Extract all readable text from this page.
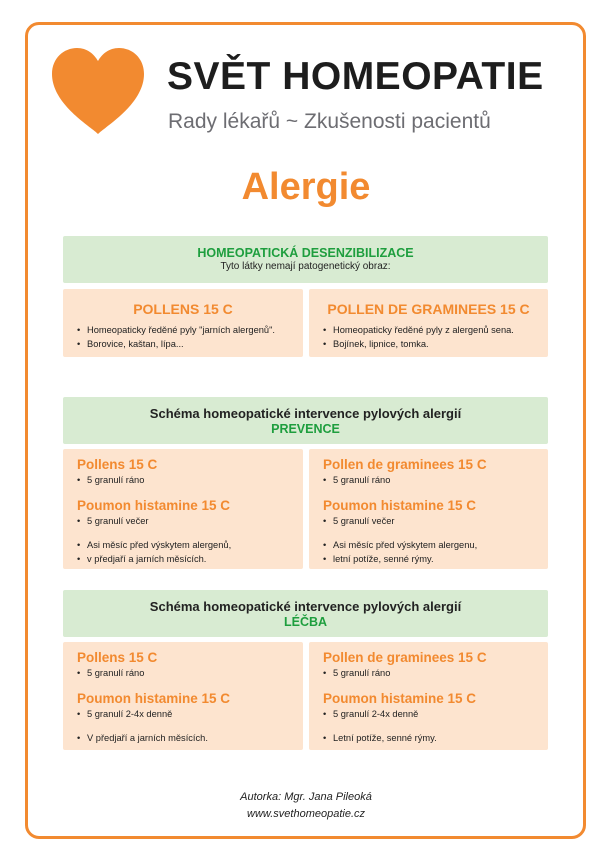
SVĚT HOMEOPATIE
Rady lékařů ~ Zkušenosti pacientů
Alergie
HOMEOPATICKÁ DESENZIBILIZACE
Tyto látky nemají patogenetický obraz:
POLLENS 15 C
• Homeopaticky ředěné pyly "jarních alergenů".
• Borovice, kaštan, lípa...
POLLEN DE GRAMINEES 15 C
• Homeopaticky ředěné pyly z alergenů sena.
• Bojínek, lipnice, tomka.
Schéma homeopatické intervence pylových alergií
PREVENCE
Pollens 15 C
• 5 granulí ráno
Poumon histamine 15 C
• 5 granulí večer
• Asi měsíc před výskytem alergenů,
• v předjaří a jarních měsících.
Pollen de graminees 15 C
• 5 granulí ráno
Poumon histamine 15 C
• 5 granulí večer
• Asi měsíc před výskytem alergenu,
• letní potíže, senné rýmy.
Schéma homeopatické intervence pylových alergií
LÉČBA
Pollens 15 C
• 5 granulí ráno
Poumon histamine 15 C
• 5 granulí 2-4x denně
• V předjaří a jarních měsících.
Pollen de graminees 15 C
• 5 granulí ráno
Poumon histamine 15 C
• 5 granulí 2-4x denně
• Letní potíže, senné rýmy.
Autorka: Mgr. Jana Pileoká
www.svethomeopatie.cz
